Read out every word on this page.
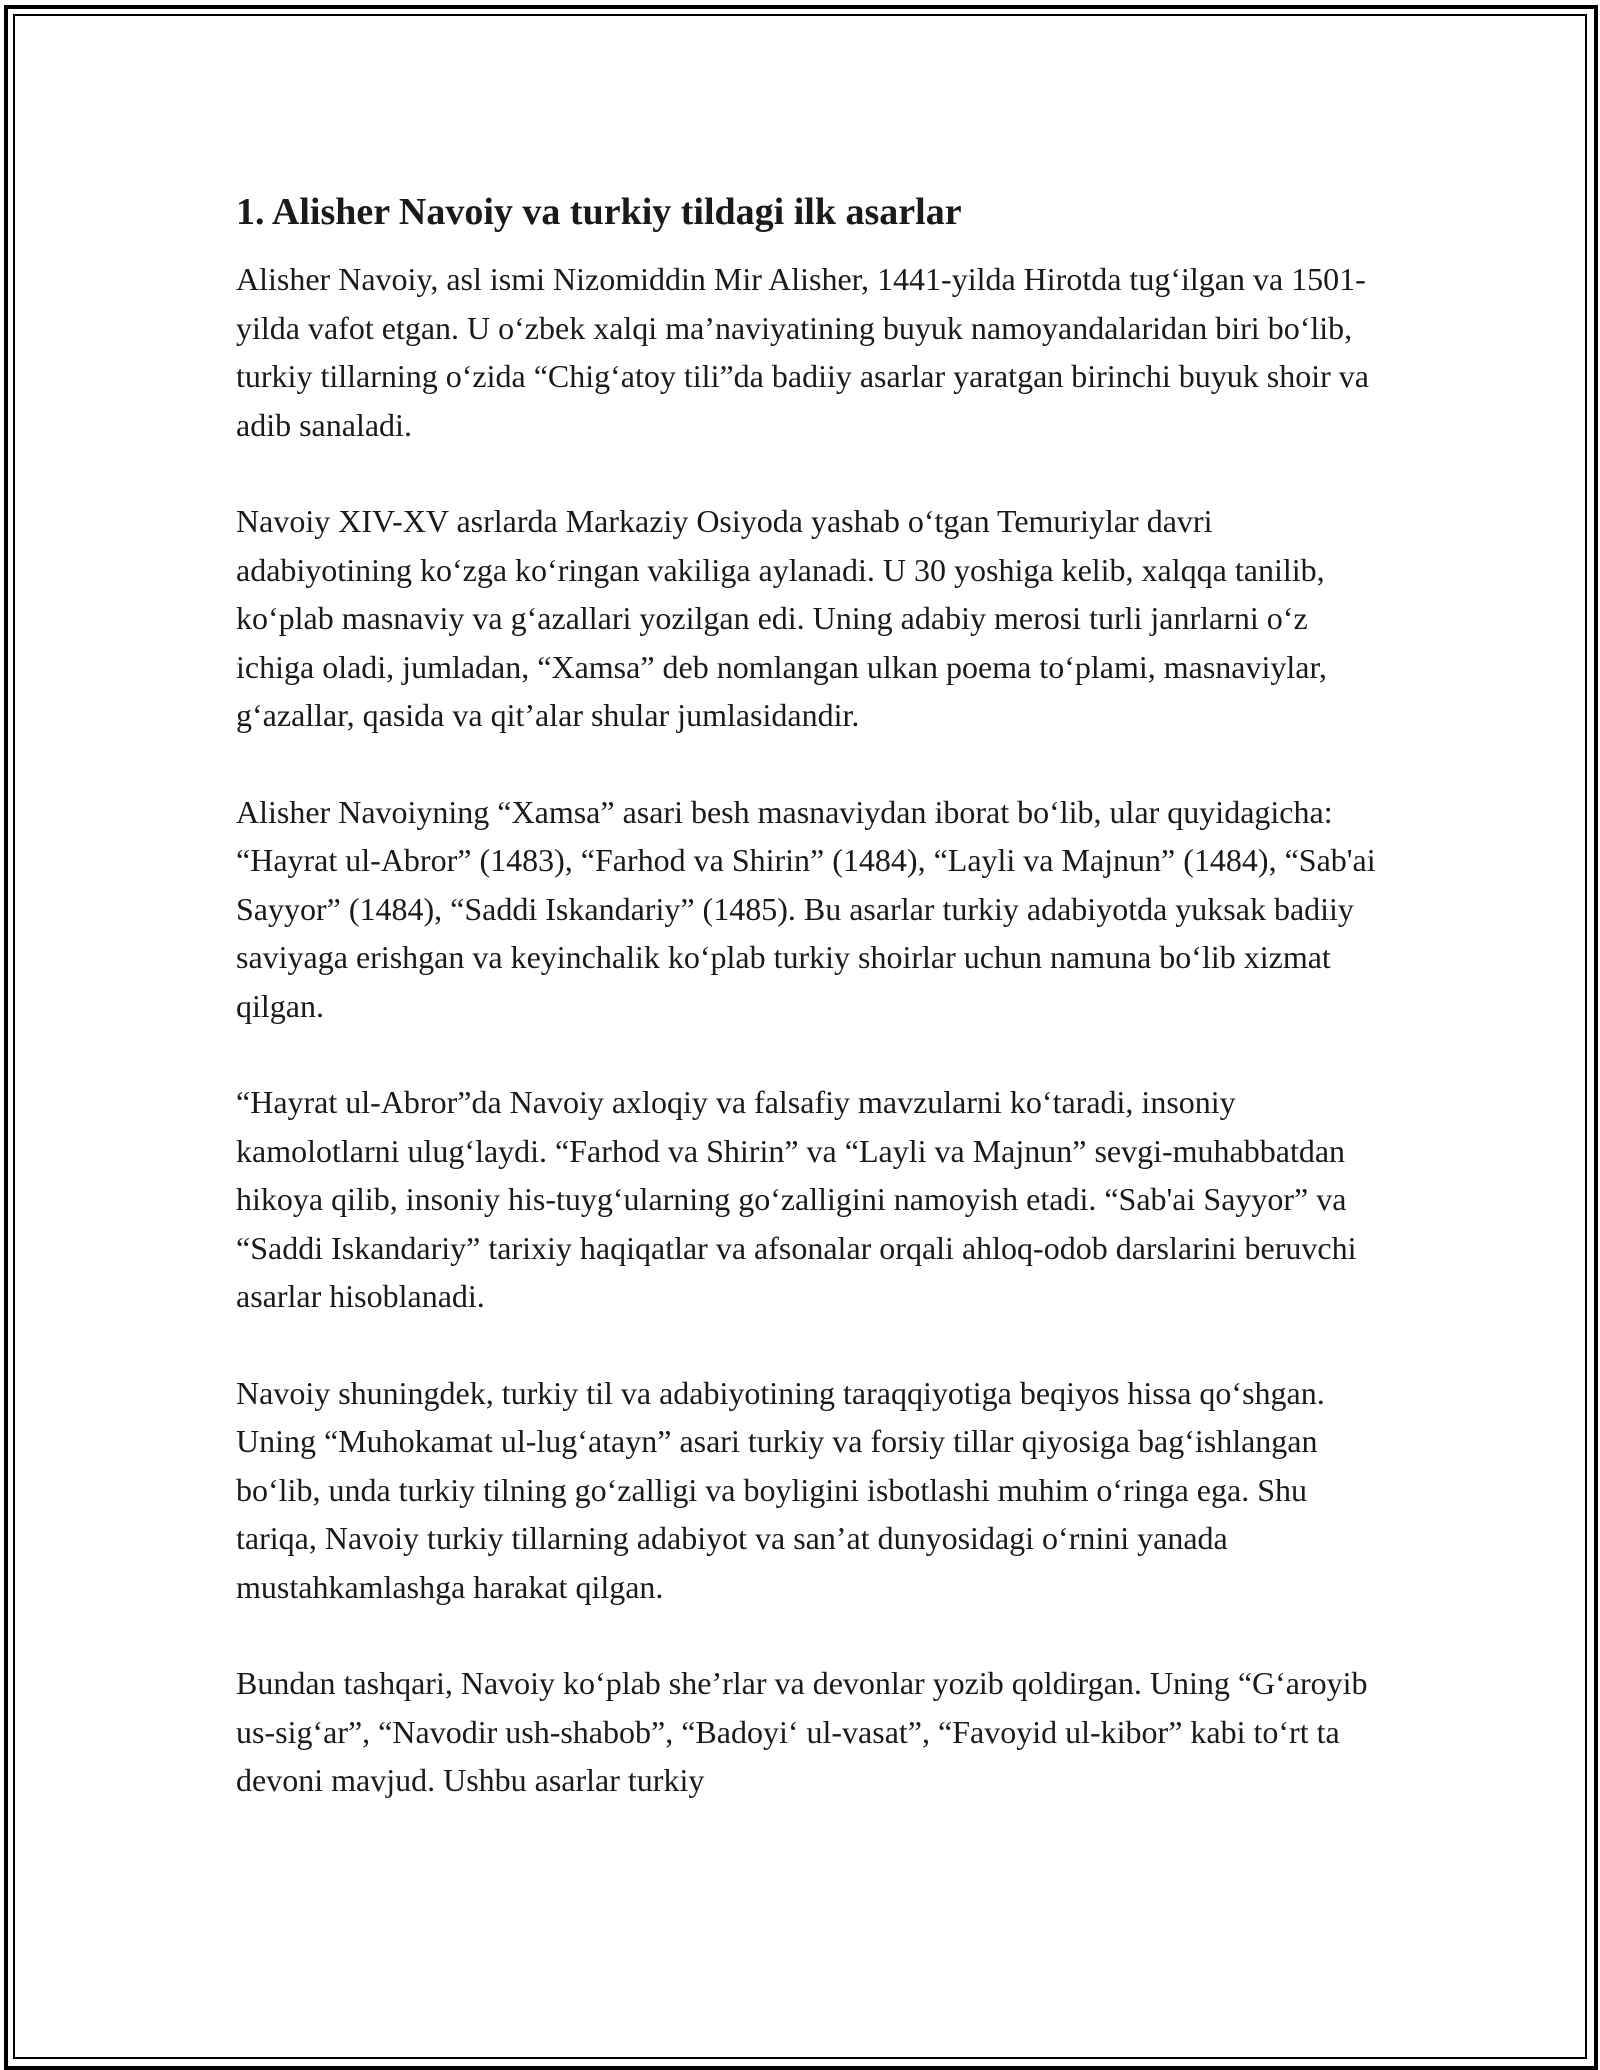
1. Alisher Navoiy va turkiy tildagi ilk asarlar

Alisher Navoiy, asl ismi Nizomiddin Mir Alisher, 1441-yilda Hirotda tug‘ilgan va 1501-yilda vafot etgan. U o‘zbek xalqi ma’naviyatining buyuk namoyandalaridan biri bo‘lib, turkiy tillarning o‘zida “Chig‘atoy tili”da badiiy asarlar yaratgan birinchi buyuk shoir va adib sanaladi.

Navoiy XIV-XV asrlarda Markaziy Osiyoda yashab o‘tgan Temuriylar davri adabiyotining ko‘zga ko‘ringan vakiliga aylanadi. U 30 yoshiga kelib, xalqqa tanilib, ko‘plab masnaviy va g‘azallari yozilgan edi. Uning adabiy merosi turli janrlarni o‘z ichiga oladi, jumladan, “Xamsa” deb nomlangan ulkan poema to‘plami, masnaviylar, g‘azallar, qasida va qit’alar shular jumlasidandir.

Alisher Navoiyning “Xamsa” asari besh masnaviydan iborat bo‘lib, ular quyidagicha: “Hayrat ul-Abror” (1483), “Farhod va Shirin” (1484), “Layli va Majnun” (1484), “Sab'ai Sayyor” (1484), “Saddi Iskandariy” (1485). Bu asarlar turkiy adabiyotda yuksak badiiy saviyaga erishgan va keyinchalik ko‘plab turkiy shoirlar uchun namuna bo‘lib xizmat qilgan.

“Hayrat ul-Abror”da Navoiy axloqiy va falsafiy mavzularni ko‘taradi, insoniy kamolotlarni ulug‘laydi. “Farhod va Shirin” va “Layli va Majnun” sevgi-muhabbatdan hikoya qilib, insoniy his-tuyg‘ularning go‘zalligini namoyish etadi. “Sab'ai Sayyor” va “Saddi Iskandariy” tarixiy haqiqatlar va afsonalar orqali ahloq-odob darslarini beruvchi asarlar hisoblanadi.

Navoiy shuningdek, turkiy til va adabiyotining taraqqiyotiga beqiyos hissa qo‘shgan. Uning “Muhokamat ul-lug‘atayn” asari turkiy va forsiy tillar qiyosiga bag‘ishlangan bo‘lib, unda turkiy tilning go‘zalligi va boyligini isbotlashi muhim o‘ringa ega. Shu tariqa, Navoiy turkiy tillarning adabiyot va san’at dunyosidagi o‘rnini yanada mustahkamlashga harakat qilgan.

Bundan tashqari, Navoiy ko‘plab she’rlar va devonlar yozib qoldirgan. Uning “G‘aroyib us-sig‘ar”, “Navodir ush-shabob”, “Badoyi‘ ul-vasat”, “Favoyid ul-kibor” kabi to‘rt ta devoni mavjud. Ushbu asarlar turkiy
